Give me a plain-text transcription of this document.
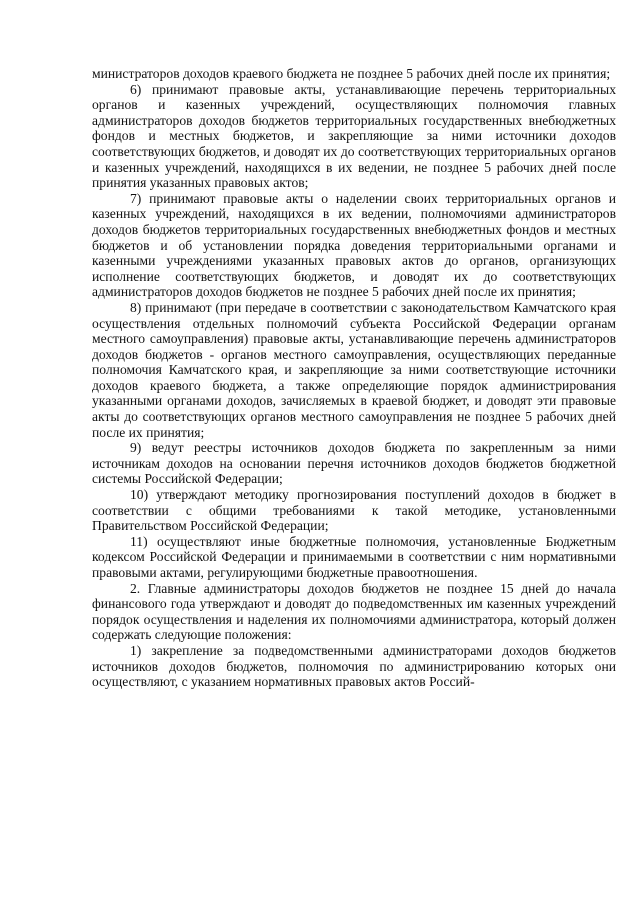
министраторов доходов краевого бюджета не позднее 5 рабочих дней после их принятия;

6) принимают правовые акты, устанавливающие перечень территориальных органов и казенных учреждений, осуществляющих полномочия главных администраторов доходов бюджетов территориальных государственных внебюджетных фондов и местных бюджетов, и закрепляющие за ними источники доходов соответствующих бюджетов, и доводят их до соответствующих территориальных органов и казенных учреждений, находящихся в их ведении, не позднее 5 рабочих дней после принятия указанных правовых актов;

7) принимают правовые акты о наделении своих территориальных органов и казенных учреждений, находящихся в их ведении, полномочиями администраторов доходов бюджетов территориальных государственных внебюджетных фондов и местных бюджетов и об установлении порядка доведения территориальными органами и казенными учреждениями указанных правовых актов до органов, организующих исполнение соответствующих бюджетов, и доводят их до соответствующих администраторов доходов бюджетов не позднее 5 рабочих дней после их принятия;

8) принимают (при передаче в соответствии с законодательством Камчатского края осуществления отдельных полномочий субъекта Российской Федерации органам местного самоуправления) правовые акты, устанавливающие перечень администраторов доходов бюджетов - органов местного самоуправления, осуществляющих переданные полномочия Камчатского края, и закрепляющие за ними соответствующие источники доходов краевого бюджета, а также определяющие порядок администрирования указанными органами доходов, зачисляемых в краевой бюджет, и доводят эти правовые акты до соответствующих органов местного самоуправления не позднее 5 рабочих дней после их принятия;

9) ведут реестры источников доходов бюджета по закрепленным за ними источникам доходов на основании перечня источников доходов бюджетов бюджетной системы Российской Федерации;

10) утверждают методику прогнозирования поступлений доходов в бюджет в соответствии с общими требованиями к такой методике, установленными Правительством Российской Федерации;

11) осуществляют иные бюджетные полномочия, установленные Бюджетным кодексом Российской Федерации и принимаемыми в соответствии с ним нормативными правовыми актами, регулирующими бюджетные правоотношения.

2. Главные администраторы доходов бюджетов не позднее 15 дней до начала финансового года утверждают и доводят до подведомственных им казенных учреждений порядок осуществления и наделения их полномочиями администратора, который должен содержать следующие положения:

1) закрепление за подведомственными администраторами доходов бюджетов источников доходов бюджетов, полномочия по администрированию которых они осуществляют, с указанием нормативных правовых актов Россий-
